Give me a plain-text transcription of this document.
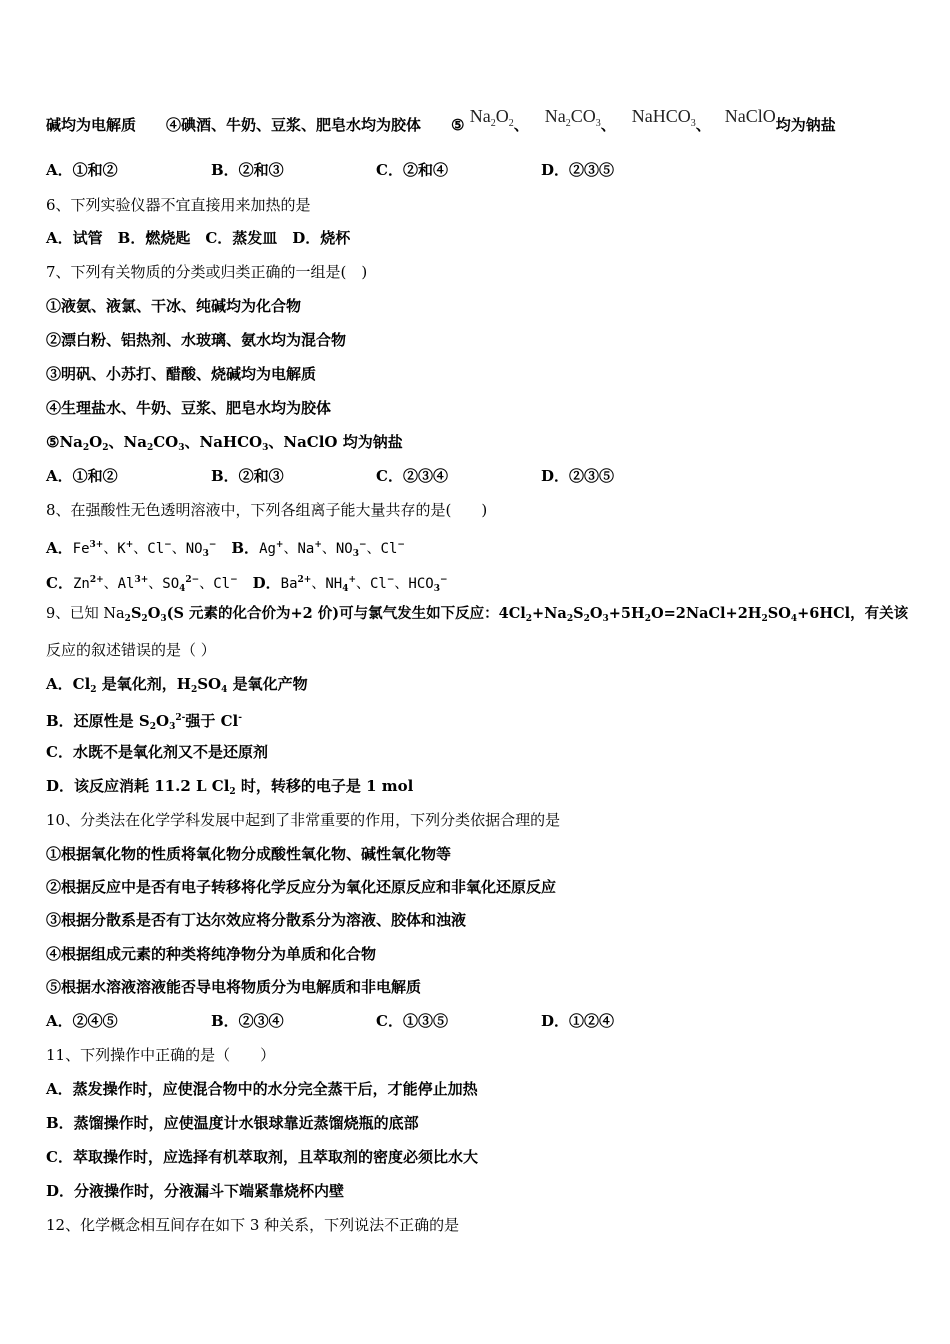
碱均为电解质 ④碘酒、牛奶、豆浆、肥皂水均为胶体 ⑤ $Na_2O_2$、 $Na_2CO_3$、 NaHCO$_3$、 NaClO均为钠盐
A．①和②	B．②和③	C．②和④	D．②③⑤
6、下列实验仪器不宜直接用来加热的是
A．试管　B．燃烧匙　C．蒸发皿　D．烧杯
7、下列有关物质的分类或归类正确的一组是(　)
①液氨、液氯、干冰、纯碱均为化合物
②漂白粉、铝热剂、水玻璃、氨水均为混合物
③明矾、小苏打、醋酸、烧碱均为电解质
④生理盐水、牛奶、豆浆、肥皂水均为胶体
$⑤Na_2O_2$、$Na_2CO_3$、NaHCO$_3$、NaClO 均为钠盐
A．①和②	B．②和③	C．②③④	D．②③⑤
8、在强酸性无色透明溶液中，下列各组离子能大量共存的是(　　)
A．$Fe^{3+}$、K+、Cl−、$NO_3^-$　B．Ag+、Na+、$NO_3^-$、Cl−
C．$Zn^{2+}$、$Al^{3+}$、$SO_4^{2-}$、Cl−　D．$Ba^{2+}$、$NH_4^+$、Cl−、$HCO_3^-$
9、已知 $Na_2S_2O_3(S$ 元素的化合价为+2 价)可与氯气发生如下反应：$4Cl_2+Na_2S_2O_3+5H_2O=2NaCl+2H_2SO_4+6HCl$，有关该
反应的叙述错误的是（ ）
A．$Cl_2$ 是氧化剂，$H_2SO_4$ 是氧化产物
B．还原性是 $S_2O_3^{2-}$强于 Cl-
C．水既不是氧化剂又不是还原剂
D．该反应消耗 11.2 L $Cl_2$ 时，转移的电子是 1 mol
10、分类法在化学学科发展中起到了非常重要的作用，下列分类依据合理的是
①根据氧化物的性质将氧化物分成酸性氧化物、碱性氧化物等
②根据反应中是否有电子转移将化学反应分为氧化还原反应和非氧化还原反应
③根据分散系是否有丁达尔效应将分散系分为溶液、胶体和浊液
④根据组成元素的种类将纯净物分为单质和化合物
⑤根据水溶液溶液能否导电将物质分为电解质和非电解质
A．②④⑤	B．②③④	C．①③⑤	D．①②④
11、下列操作中正确的是（　　）
A．蒸发操作时，应使混合物中的水分完全蒸干后，才能停止加热
B．蒸馏操作时，应使温度计水银球靠近蒸馏烧瓶的底部
C．萃取操作时，应选择有机萃取剂，且萃取剂的密度必须比水大
D．分液操作时，分液漏斗下端紧靠烧杯内壁
12、化学概念相互间存在如下 3 种关系，下列说法不正确的是
